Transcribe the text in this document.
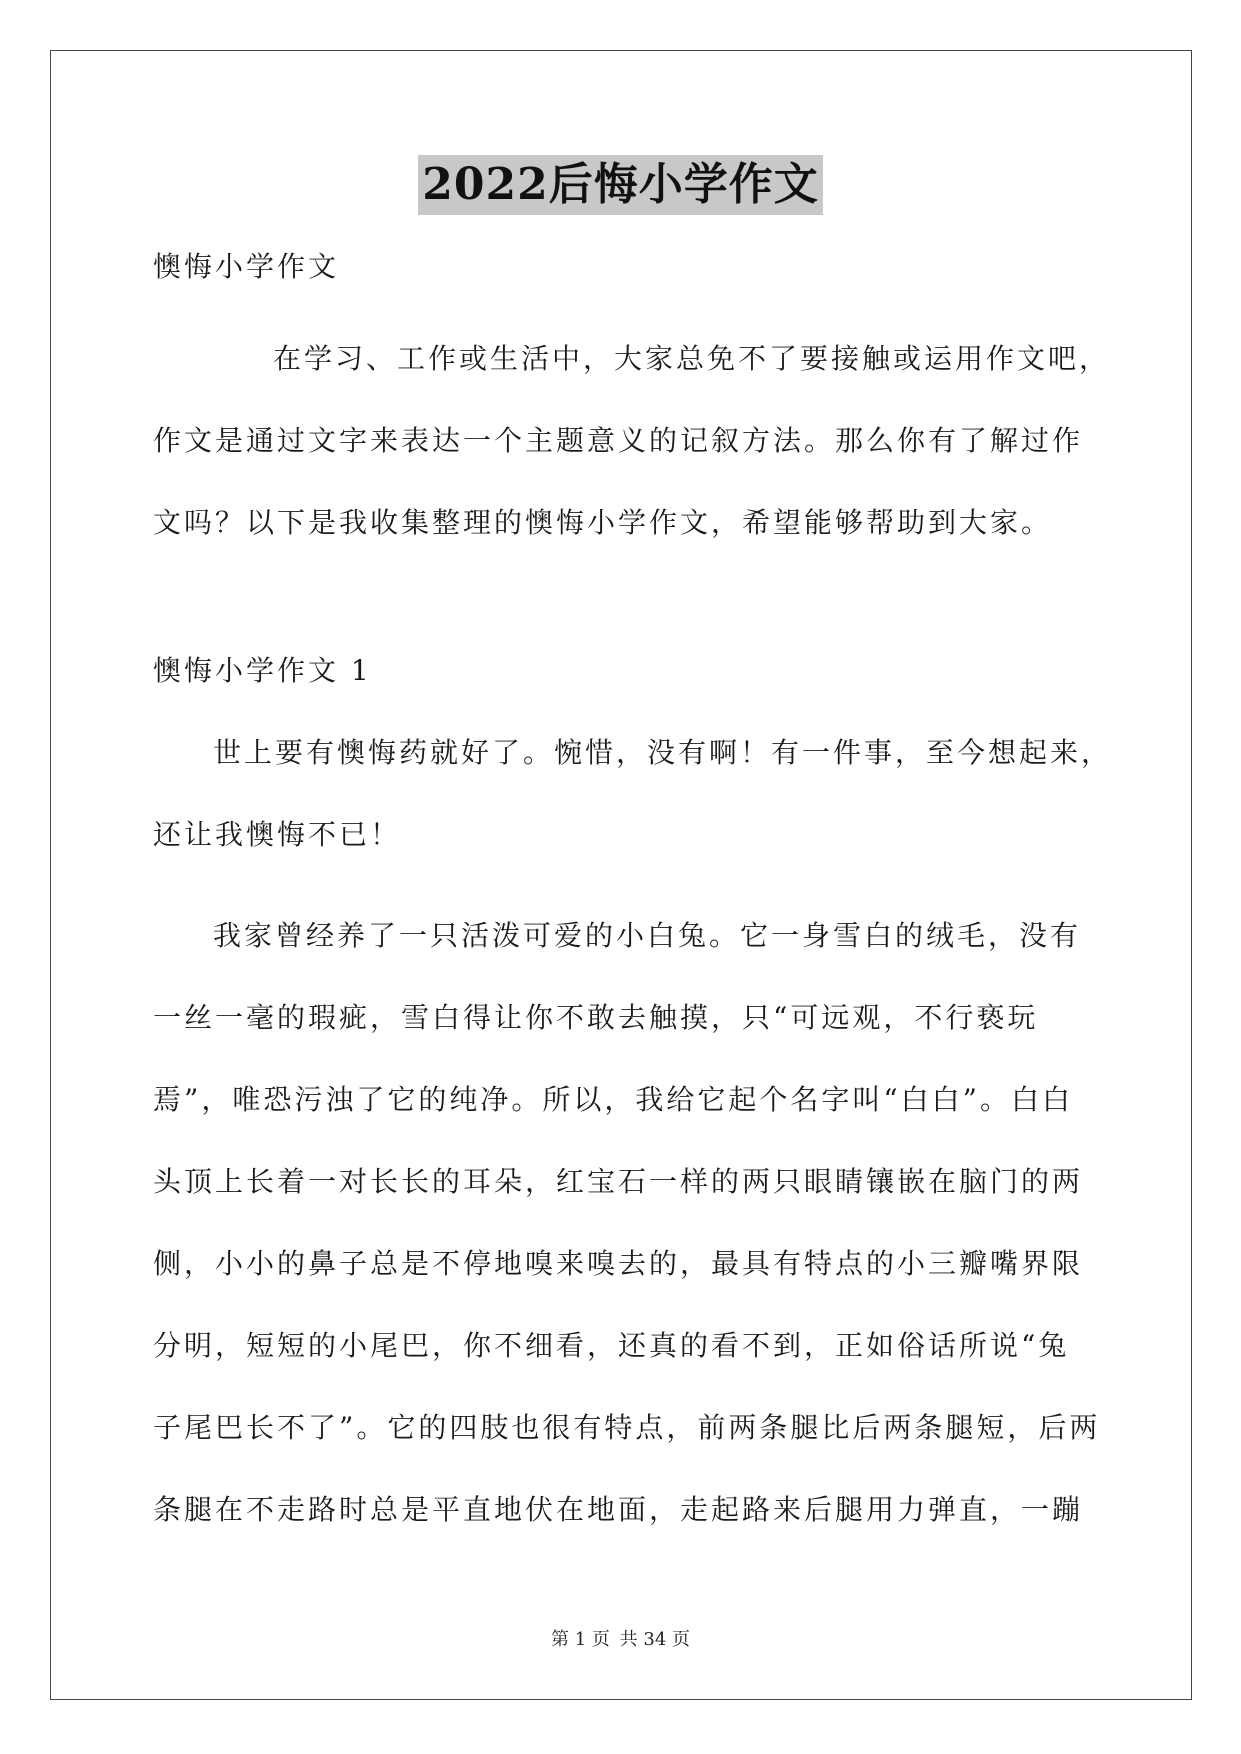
2022后悔小学作文
懊悔小学作文
在学习、工作或生活中，大家总免不了要接触或运用作文吧，
作文是通过文字来表达一个主题意义的记叙方法。那么你有了解过作
文吗？以下是我收集整理的懊悔小学作文，希望能够帮助到大家。
懊悔小学作文 1
世上要有懊悔药就好了。惋惜，没有啊！有一件事，至今想起来，
还让我懊悔不已！
我家曾经养了一只活泼可爱的小白兔。它一身雪白的绒毛，没有
一丝一毫的瑕疵，雪白得让你不敢去触摸，只“可远观，不行亵玩
焉”，唯恐污浊了它的纯净。所以，我给它起个名字叫“白白”。白白
头顶上长着一对长长的耳朵，红宝石一样的两只眼睛镶嵌在脑门的两
侧，小小的鼻子总是不停地嗅来嗅去的，最具有特点的小三瓣嘴界限
分明，短短的小尾巴，你不细看，还真的看不到，正如俗话所说“兔
子尾巴长不了”。它的四肢也很有特点，前两条腿比后两条腿短，后两
条腿在不走路时总是平直地伏在地面，走起路来后腿用力弹直，一蹦
第 1 页 共 34 页
